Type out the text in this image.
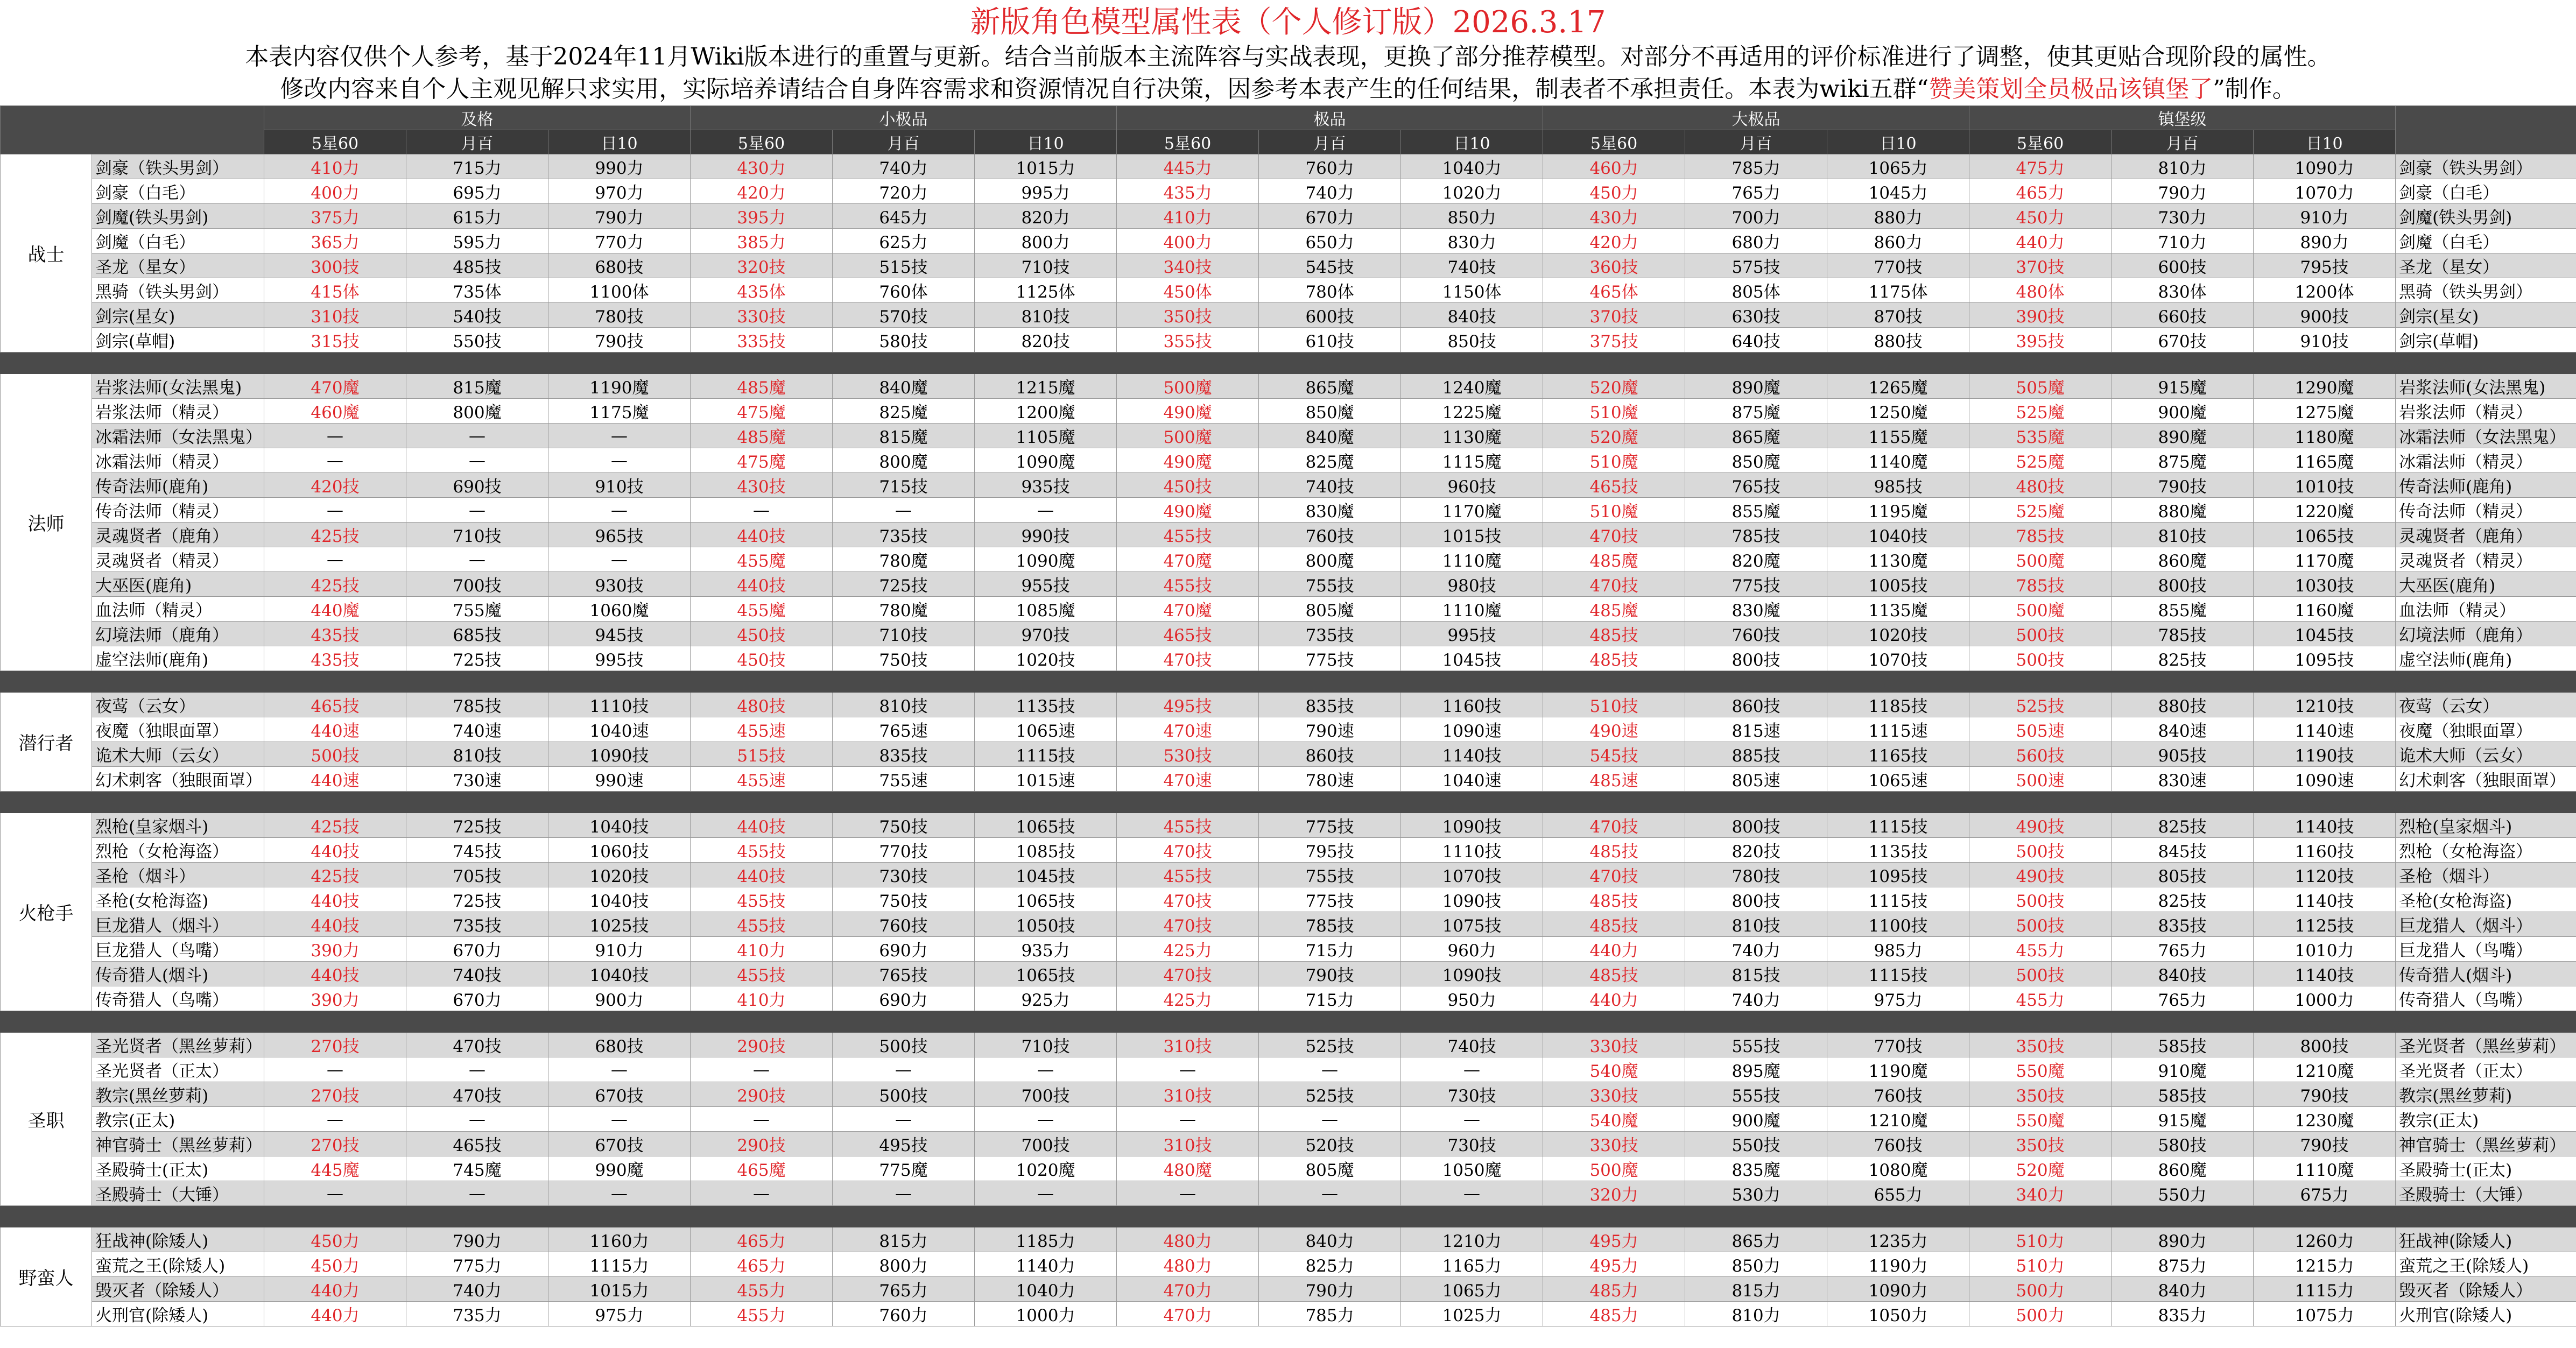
新版角色模型属性表（个人修订版）2026.3.17
本表内容仅供个人参考，基于2024年11月Wiki版本进行的重置与更新。结合当前版本主流阵容与实战表现，更换了部分推荐模型。对部分不再适用的评价标准进行了调整，使其更贴合现阶段的属性。
修改内容来自个人主观见解只求实用，实际培养请结合自身阵容需求和资源情况自行决策，因参考本表产生的任何结果，制表者不承担责任。本表为wiki五群“赞美策划全员极品该镇堡了”制作。
		及格			小极品			极品			大极品			镇堡级			
		5星60	月百	日10	5星60	月百	日10	5星60	月百	日10	5星60	月百	日10	5星60	月百	日10	
战士	剑豪（铁头男剑）	410力	715力	990力	430力	740力	1015力	445力	760力	1040力	460力	785力	1065力	475力	810力	1090力	剑豪（铁头男剑）
	剑豪（白毛）	400力	695力	970力	420力	720力	995力	435力	740力	1020力	450力	765力	1045力	465力	790力	1070力	剑豪（白毛）
	剑魔(铁头男剑)	375力	615力	790力	395力	645力	820力	410力	670力	850力	430力	700力	880力	450力	730力	910力	剑魔(铁头男剑)
	剑魔（白毛）	365力	595力	770力	385力	625力	800力	400力	650力	830力	420力	680力	860力	440力	710力	890力	剑魔（白毛）
	圣龙（星女）	300技	485技	680技	320技	515技	710技	340技	545技	740技	360技	575技	770技	370技	600技	795技	圣龙（星女）
	黑骑（铁头男剑）	415体	735体	1100体	435体	760体	1125体	450体	780体	1150体	465体	805体	1175体	480体	830体	1200体	黑骑（铁头男剑）
	剑宗(星女)	310技	540技	780技	330技	570技	810技	350技	600技	840技	370技	630技	870技	390技	660技	900技	剑宗(星女)
	剑宗(草帽)	315技	550技	790技	335技	580技	820技	355技	610技	850技	375技	640技	880技	395技	670技	910技	剑宗(草帽)

法师	岩浆法师(女法黑鬼)	470魔	815魔	1190魔	485魔	840魔	1215魔	500魔	865魔	1240魔	520魔	890魔	1265魔	505魔	915魔	1290魔	岩浆法师(女法黑鬼)
	岩浆法师（精灵）	460魔	800魔	1175魔	475魔	825魔	1200魔	490魔	850魔	1225魔	510魔	875魔	1250魔	525魔	900魔	1275魔	岩浆法师（精灵）
	冰霜法师（女法黑鬼）	—	—	—	485魔	815魔	1105魔	500魔	840魔	1130魔	520魔	865魔	1155魔	535魔	890魔	1180魔	冰霜法师（女法黑鬼）
	冰霜法师（精灵）	—	—	—	475魔	800魔	1090魔	490魔	825魔	1115魔	510魔	850魔	1140魔	525魔	875魔	1165魔	冰霜法师（精灵）
	传奇法师(鹿角)	420技	690技	910技	430技	715技	935技	450技	740技	960技	465技	765技	985技	480技	790技	1010技	传奇法师(鹿角)
	传奇法师（精灵）	—	—	—	—	—	—	490魔	830魔	1170魔	510魔	855魔	1195魔	525魔	880魔	1220魔	传奇法师（精灵）
	灵魂贤者（鹿角）	425技	710技	965技	440技	735技	990技	455技	760技	1015技	470技	785技	1040技	785技	810技	1065技	灵魂贤者（鹿角）
	灵魂贤者（精灵）	—	—	—	455魔	780魔	1090魔	470魔	800魔	1110魔	485魔	820魔	1130魔	500魔	860魔	1170魔	灵魂贤者（精灵）
	大巫医(鹿角)	425技	700技	930技	440技	725技	955技	455技	755技	980技	470技	775技	1005技	785技	800技	1030技	大巫医(鹿角)
	血法师（精灵）	440魔	755魔	1060魔	455魔	780魔	1085魔	470魔	805魔	1110魔	485魔	830魔	1135魔	500魔	855魔	1160魔	血法师（精灵）
	幻境法师（鹿角）	435技	685技	945技	450技	710技	970技	465技	735技	995技	485技	760技	1020技	500技	785技	1045技	幻境法师（鹿角）
	虚空法师(鹿角)	435技	725技	995技	450技	750技	1020技	470技	775技	1045技	485技	800技	1070技	500技	825技	1095技	虚空法师(鹿角)

潜行者	夜莺（云女）	465技	785技	1110技	480技	810技	1135技	495技	835技	1160技	510技	860技	1185技	525技	880技	1210技	夜莺（云女）
	夜魔（独眼面罩）	440速	740速	1040速	455速	765速	1065速	470速	790速	1090速	490速	815速	1115速	505速	840速	1140速	夜魔（独眼面罩）
	诡术大师（云女）	500技	810技	1090技	515技	835技	1115技	530技	860技	1140技	545技	885技	1165技	560技	905技	1190技	诡术大师（云女）
	幻术刺客（独眼面罩）	440速	730速	990速	455速	755速	1015速	470速	780速	1040速	485速	805速	1065速	500速	830速	1090速	幻术刺客（独眼面罩）

火枪手	烈枪(皇家烟斗)	425技	725技	1040技	440技	750技	1065技	455技	775技	1090技	470技	800技	1115技	490技	825技	1140技	烈枪(皇家烟斗)
	烈枪（女枪海盗）	440技	745技	1060技	455技	770技	1085技	470技	795技	1110技	485技	820技	1135技	500技	845技	1160技	烈枪（女枪海盗）
	圣枪（烟斗）	425技	705技	1020技	440技	730技	1045技	455技	755技	1070技	470技	780技	1095技	490技	805技	1120技	圣枪（烟斗）
	圣枪(女枪海盗)	440技	725技	1040技	455技	750技	1065技	470技	775技	1090技	485技	800技	1115技	500技	825技	1140技	圣枪(女枪海盗)
	巨龙猎人（烟斗）	440技	735技	1025技	455技	760技	1050技	470技	785技	1075技	485技	810技	1100技	500技	835技	1125技	巨龙猎人（烟斗）
	巨龙猎人（鸟嘴）	390力	670力	910力	410力	690力	935力	425力	715力	960力	440力	740力	985力	455力	765力	1010力	巨龙猎人（鸟嘴）
	传奇猎人(烟斗)	440技	740技	1040技	455技	765技	1065技	470技	790技	1090技	485技	815技	1115技	500技	840技	1140技	传奇猎人(烟斗)
	传奇猎人（鸟嘴）	390力	670力	900力	410力	690力	925力	425力	715力	950力	440力	740力	975力	455力	765力	1000力	传奇猎人（鸟嘴）

圣职	圣光贤者（黑丝萝莉）	270技	470技	680技	290技	500技	710技	310技	525技	740技	330技	555技	770技	350技	585技	800技	圣光贤者（黑丝萝莉）
	圣光贤者（正太）	—	—	—	—	—	—	—	—	—	540魔	895魔	1190魔	550魔	910魔	1210魔	圣光贤者（正太）
	教宗(黑丝萝莉)	270技	470技	670技	290技	500技	700技	310技	525技	730技	330技	555技	760技	350技	585技	790技	教宗(黑丝萝莉)
	教宗(正太)	—	—	—	—	—	—	—	—	—	540魔	900魔	1210魔	550魔	915魔	1230魔	教宗(正太)
	神官骑士（黑丝萝莉）	270技	465技	670技	290技	495技	700技	310技	520技	730技	330技	550技	760技	350技	580技	790技	神官骑士（黑丝萝莉）
	圣殿骑士(正太)	445魔	745魔	990魔	465魔	775魔	1020魔	480魔	805魔	1050魔	500魔	835魔	1080魔	520魔	860魔	1110魔	圣殿骑士(正太)
	圣殿骑士（大锤）	—	—	—	—	—	—	—	—	—	320力	530力	655力	340力	550力	675力	圣殿骑士（大锤）

野蛮人	狂战神(除矮人)	450力	790力	1160力	465力	815力	1185力	480力	840力	1210力	495力	865力	1235力	510力	890力	1260力	狂战神(除矮人)
	蛮荒之王(除矮人)	450力	775力	1115力	465力	800力	1140力	480力	825力	1165力	495力	850力	1190力	510力	875力	1215力	蛮荒之王(除矮人)
	毁灭者（除矮人）	440力	740力	1015力	455力	765力	1040力	470力	790力	1065力	485力	815力	1090力	500力	840力	1115力	毁灭者（除矮人）
	火刑官(除矮人)	440力	735力	975力	455力	760力	1000力	470力	785力	1025力	485力	810力	1050力	500力	835力	1075力	火刑官(除矮人)
